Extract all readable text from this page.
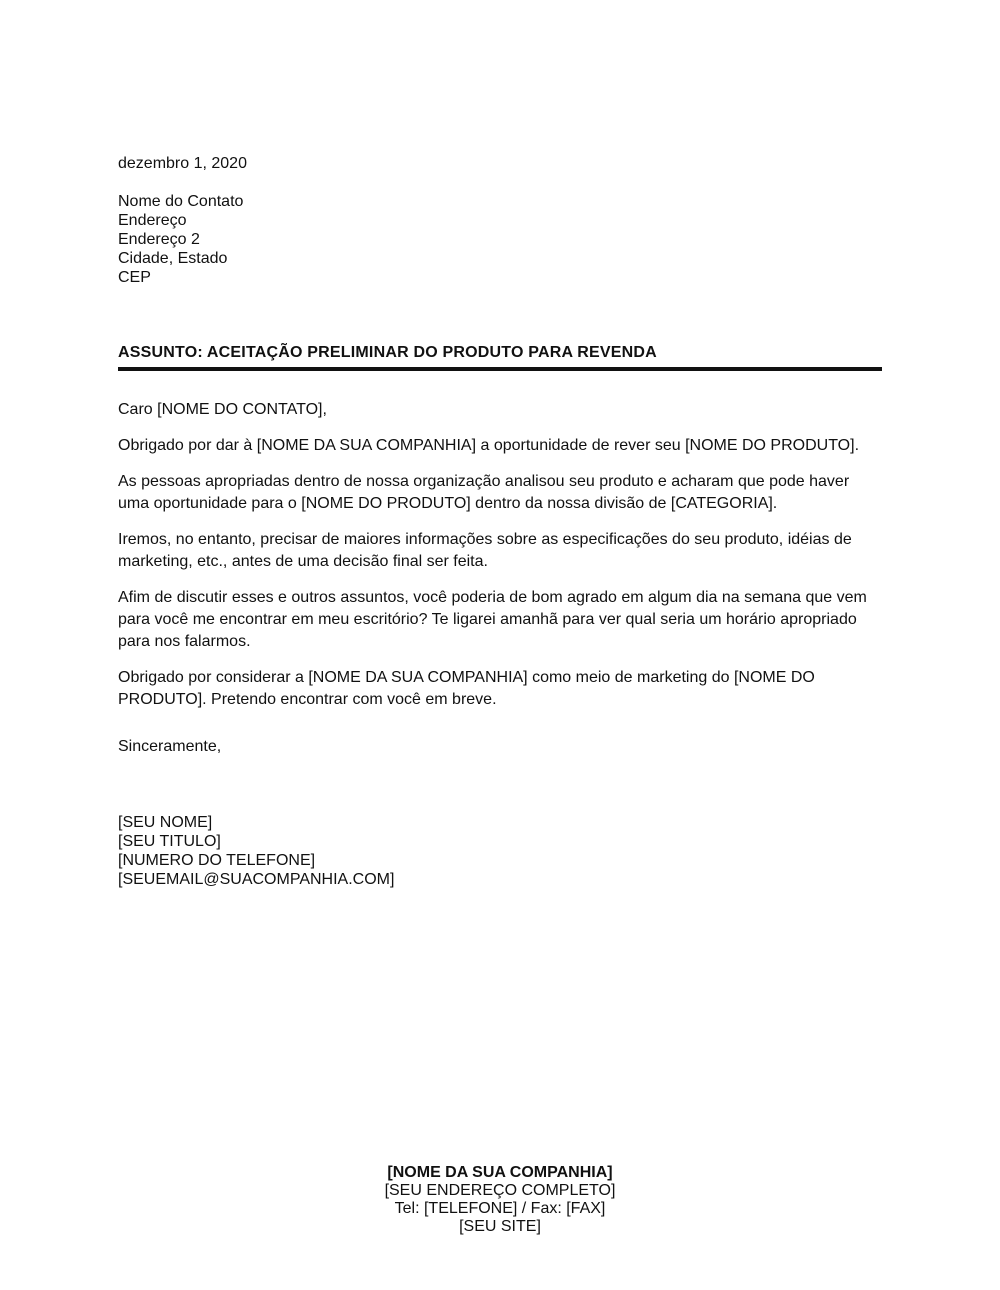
dezembro 1, 2020
Nome do Contato
Endereço
Endereço 2
Cidade, Estado
CEP
ASSUNTO: ACEITAÇÃO PRELIMINAR DO PRODUTO PARA REVENDA

Caro [NOME DO CONTATO],

Obrigado por dar à [NOME DA SUA COMPANHIA] a oportunidade de rever seu [NOME DO PRODUTO].

As pessoas apropriadas dentro de nossa organização analisou seu produto e acharam que pode haver uma oportunidade para o [NOME DO PRODUTO] dentro da nossa divisão de [CATEGORIA].

Iremos, no entanto, precisar de maiores informações sobre as especificações do seu produto, idéias de marketing, etc., antes de uma decisão final ser feita.

Afim de discutir esses e outros assuntos, você poderia de bom agrado em algum dia na semana que vem para você me encontrar em meu escritório? Te ligarei amanhã para ver qual seria um horário apropriado para nos falarmos.

Obrigado por considerar a [NOME DA SUA COMPANHIA] como meio de marketing do [NOME DO PRODUTO]. Pretendo encontrar com você em breve.

Sinceramente,

[SEU NOME]
[SEU TITULO]
[NUMERO DO TELEFONE]
[SEUEMAIL@SUACOMPANHIA.COM]
[NOME DA SUA COMPANHIA]
[SEU ENDEREÇO COMPLETO]
Tel: [TELEFONE] / Fax: [FAX]
[SEU SITE]
